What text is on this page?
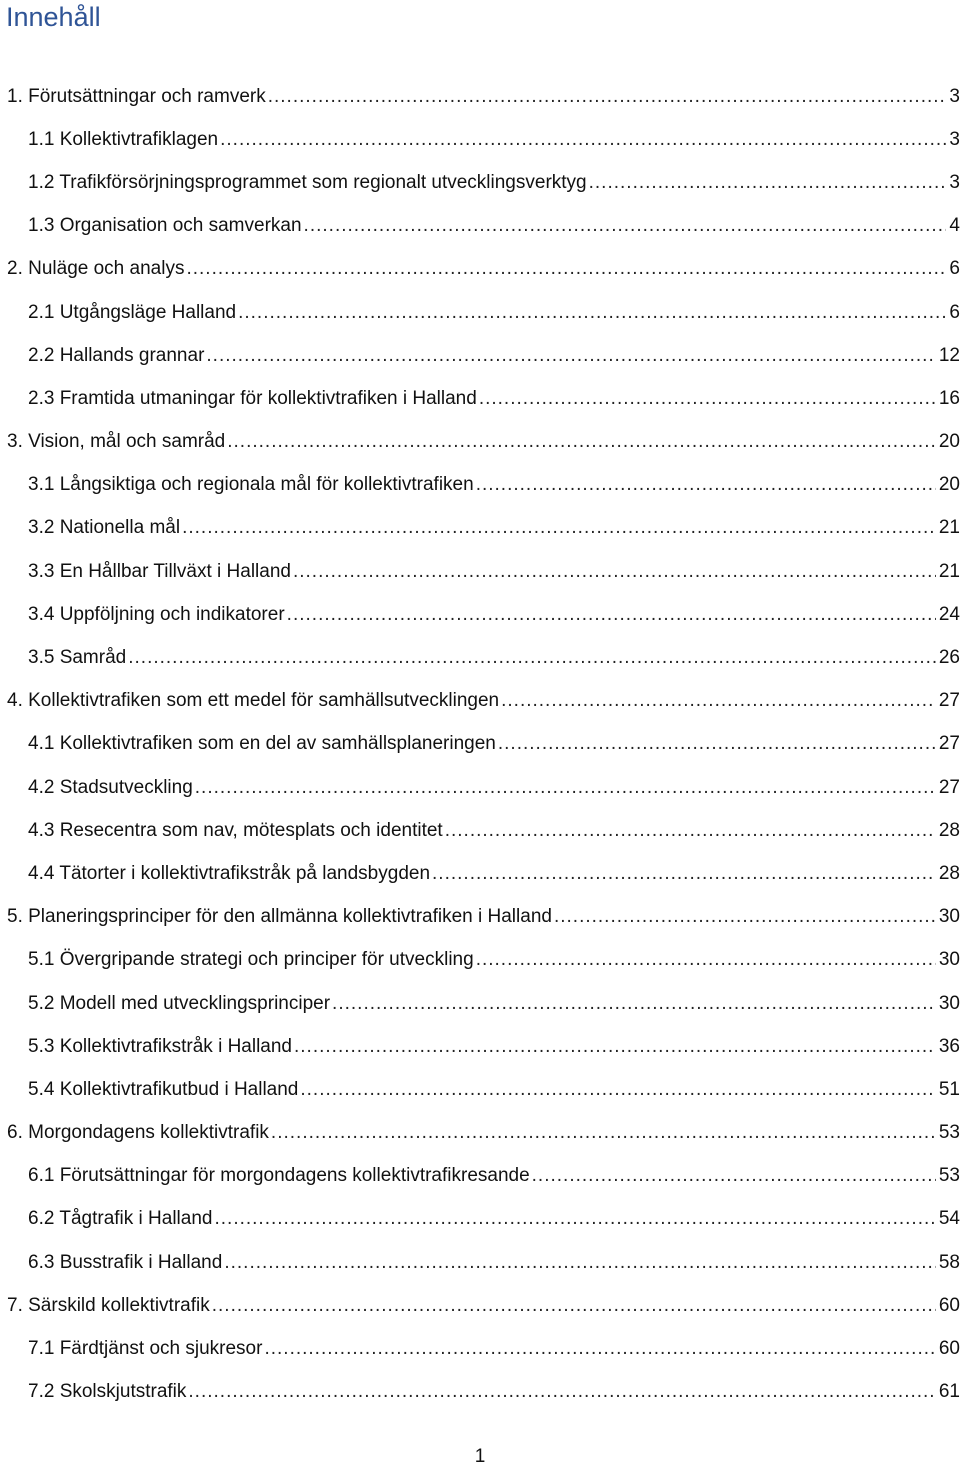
Innehåll
1. Förutsättningar och ramverk .....	3
1.1 Kollektivtrafiklagen .....	3
1.2 Trafikförsörjningsprogrammet som regionalt utvecklingsverktyg .....	3
1.3 Organisation och samverkan .....	4
2. Nuläge och analys .....	6
2.1 Utgångsläge Halland .....	6
2.2 Hallands grannar .....	12
2.3 Framtida utmaningar för kollektivtrafiken i Halland .....	16
3. Vision, mål och samråd .....	20
3.1 Långsiktiga och regionala mål för kollektivtrafiken .....	20
3.2 Nationella mål .....	21
3.3 En Hållbar Tillväxt i Halland .....	21
3.4 Uppföljning och indikatorer .....	24
3.5 Samråd .....	26
4. Kollektivtrafiken som ett medel för samhällsutvecklingen .....	27
4.1 Kollektivtrafiken som en del av samhällsplaneringen .....	27
4.2 Stadsutveckling .....	27
4.3 Resecentra som nav, mötesplats och identitet .....	28
4.4 Tätorter i kollektivtrafikstråk på landsbygden .....	28
5. Planeringsprinciper för den allmänna kollektivtrafiken i Halland .....	30
5.1 Övergripande strategi och principer för utveckling .....	30
5.2 Modell med utvecklingsprinciper .....	30
5.3 Kollektivtrafikstråk i Halland .....	36
5.4 Kollektivtrafikutbud i Halland .....	51
6. Morgondagens kollektivtrafik .....	53
6.1 Förutsättningar för morgondagens kollektivtrafikresande .....	53
6.2 Tågtrafik i Halland .....	54
6.3 Busstrafik i Halland .....	58
7. Särskild kollektivtrafik .....	60
7.1 Färdtjänst och sjukresor .....	60
7.2 Skolskjutstrafik .....	61
1
